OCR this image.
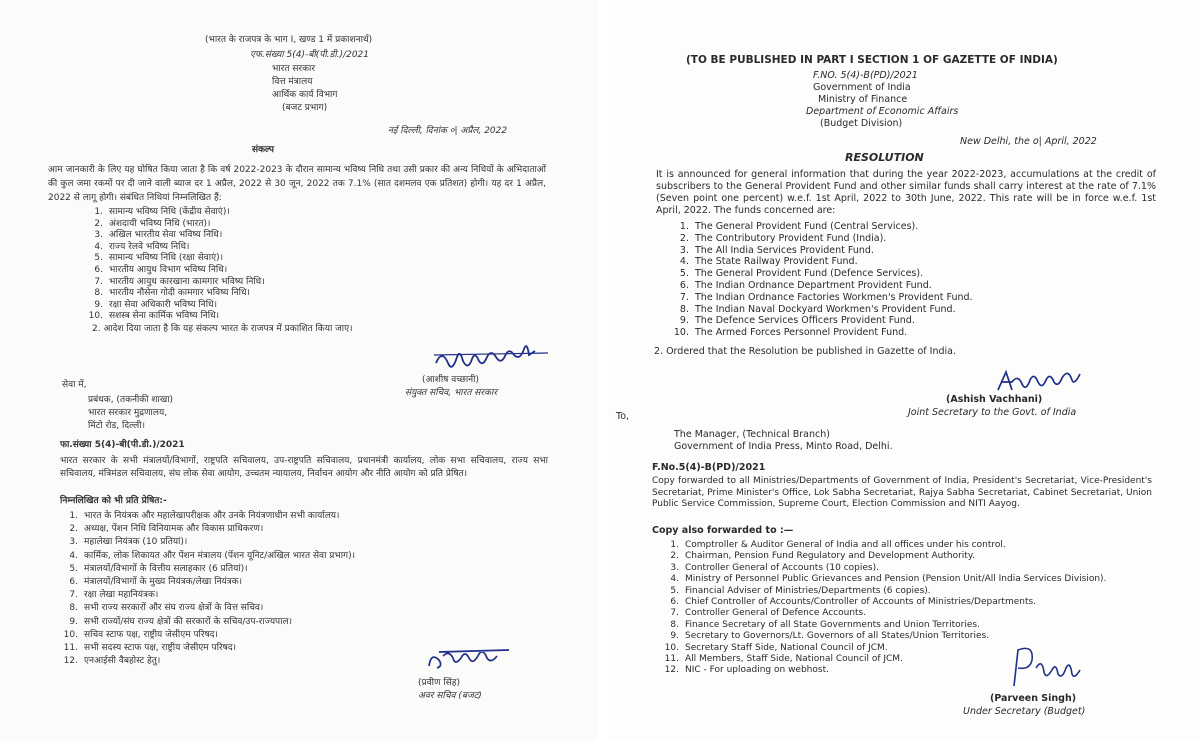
(भारत के राजपत्र के भाग I, खण्ड 1 में प्रकाशनार्थ)
एफ.संख्या 5(4)-बी(पी.डी.)/2021
भारत सरकार
वित्त मंत्रालय
आर्थिक कार्य विभाग
(बजट प्रभाग)
नई दिल्ली, दिनांक ०| अप्रैल, 2022
संकल्प
आम जानकारी के लिए यह घोषित किया जाता है कि वर्ष 2022-2023 के दौरान सामान्य भविष्य निधि तथा उसी प्रकार की अन्य निधियों के अभिदाताओं की कुल जमा रकमों पर दी जाने वाली ब्याज दर 1 अप्रैल, 2022 से 30 जून, 2022 तक 7.1% (सात दशमलव एक प्रतिशत) होगी। यह दर 1 अप्रैल, 2022 से लागू होगी। संबंधित निधियां निम्नलिखित हैं:
1. सामान्य भविष्य निधि (केंद्रीय सेवाएं)।
2. अंशदायी भविष्य निधि (भारत)।
3. अखिल भारतीय सेवा भविष्य निधि।
4. राज्य रेलवे भविष्य निधि।
5. सामान्य भविष्य निधि (रक्षा सेवाएं)।
6. भारतीय आयुध विभाग भविष्य निधि।
7. भारतीय आयुध कारखाना कामगार भविष्य निधि।
8. भारतीय नौसेना गोदी कामगार भविष्य निधि।
9. रक्षा सेवा अधिकारी भविष्य निधि।
10. सशस्त्र सेना कार्मिक भविष्य निधि।
2. आदेश दिया जाता है कि यह संकल्प भारत के राजपत्र में प्रकाशित किया जाए।
(आशीष वच्छानी)
संयुक्त सचिव, भारत सरकार
सेवा में,
प्रबंधक, (तकनीकी शाखा)
भारत सरकार मुद्रणालय,
मिंटो रोड, दिल्ली।
फा.संख्या 5(4)-बी(पी.डी.)/2021
भारत सरकार के सभी मंत्रालयों/विभागों, राष्ट्रपति सचिवालय, उप-राष्ट्रपति सचिवालय, प्रधानमंत्री कार्यालय, लोक सभा सचिवालय, राज्य सभा सचिवालय, मंत्रिमंडल सचिवालय, संघ लोक सेवा आयोग, उच्चतम न्यायालय, निर्वाचन आयोग और नीति आयोग को प्रति प्रेषित।
निम्नलिखित को भी प्रति प्रेषित:-
1. भारत के नियंत्रक और महालेखापरीक्षक और उनके नियंत्रणाधीन सभी कार्यालय।
2. अध्यक्ष, पेंशन निधि विनियामक और विकास प्राधिकरण।
3. महालेखा नियंत्रक (10 प्रतियां)।
4. कार्मिक, लोक शिकायत और पेंशन मंत्रालय (पेंशन यूनिट/अखिल भारत सेवा प्रभाग)।
5. मंत्रालयों/विभागों के वित्तीय सलाहकार (6 प्रतियां)।
6. मंत्रालयों/विभागों के मुख्य नियंत्रक/लेखा नियंत्रक।
7. रक्षा लेखा महानियंत्रक।
8. सभी राज्य सरकारों और संघ राज्य क्षेत्रों के वित्त सचिव।
9. सभी राज्यों/संघ राज्य क्षेत्रों की सरकारों के सचिव/उप-राज्यपाल।
10. सचिव स्टाफ पक्ष, राष्ट्रीय जेसीएम परिषद।
11. सभी सदस्य स्टाफ पक्ष, राष्ट्रीय जेसीएम परिषद।
12. एनआईसी वैबहोस्ट हेतु।
(प्रवीण सिंह)
अवर सचिव (बजट)
(TO BE PUBLISHED IN PART I SECTION 1 OF GAZETTE OF INDIA)
F.NO. 5(4)-B(PD)/2021
Government of India
Ministry of Finance
Department of Economic Affairs
(Budget Division)
New Delhi, the o| April, 2022
RESOLUTION
It is announced for general information that during the year 2022-2023, accumulations at the credit of subscribers to the General Provident Fund and other similar funds shall carry interest at the rate of 7.1% (Seven point one percent) w.e.f. 1st April, 2022 to 30th June, 2022. This rate will be in force w.e.f. 1st April, 2022. The funds concerned are:
1. The General Provident Fund (Central Services).
2. The Contributory Provident Fund (India).
3. The All India Services Provident Fund.
4. The State Railway Provident Fund.
5. The General Provident Fund (Defence Services).
6. The Indian Ordnance Department Provident Fund.
7. The Indian Ordnance Factories Workmen's Provident Fund.
8. The Indian Naval Dockyard Workmen's Provident Fund.
9. The Defence Services Officers Provident Fund.
10. The Armed Forces Personnel Provident Fund.
2. Ordered that the Resolution be published in Gazette of India.
(Ashish Vachhani)
Joint Secretary to the Govt. of India
To,
The Manager, (Technical Branch)
Government of India Press, Minto Road, Delhi.
F.No.5(4)-B(PD)/2021
Copy forwarded to all Ministries/Departments of Government of India, President's Secretariat, Vice-President's Secretariat, Prime Minister's Office, Lok Sabha Secretariat, Rajya Sabha Secretariat, Cabinet Secretariat, Union Public Service Commission, Supreme Court, Election Commission and NITI Aayog.
Copy also forwarded to :—
1. Comptroller & Auditor General of India and all offices under his control.
2. Chairman, Pension Fund Regulatory and Development Authority.
3. Controller General of Accounts (10 copies).
4. Ministry of Personnel Public Grievances and Pension (Pension Unit/All India Services Division).
5. Financial Adviser of Ministries/Departments (6 copies).
6. Chief Controller of Accounts/Controller of Accounts of Ministries/Departments.
7. Controller General of Defence Accounts.
8. Finance Secretary of all State Governments and Union Territories.
9. Secretary to Governors/Lt. Governors of all States/Union Territories.
10. Secretary Staff Side, National Council of JCM.
11. All Members, Staff Side, National Council of JCM.
12. NIC - For uploading on webhost.
(Parveen Singh)
Under Secretary (Budget)
